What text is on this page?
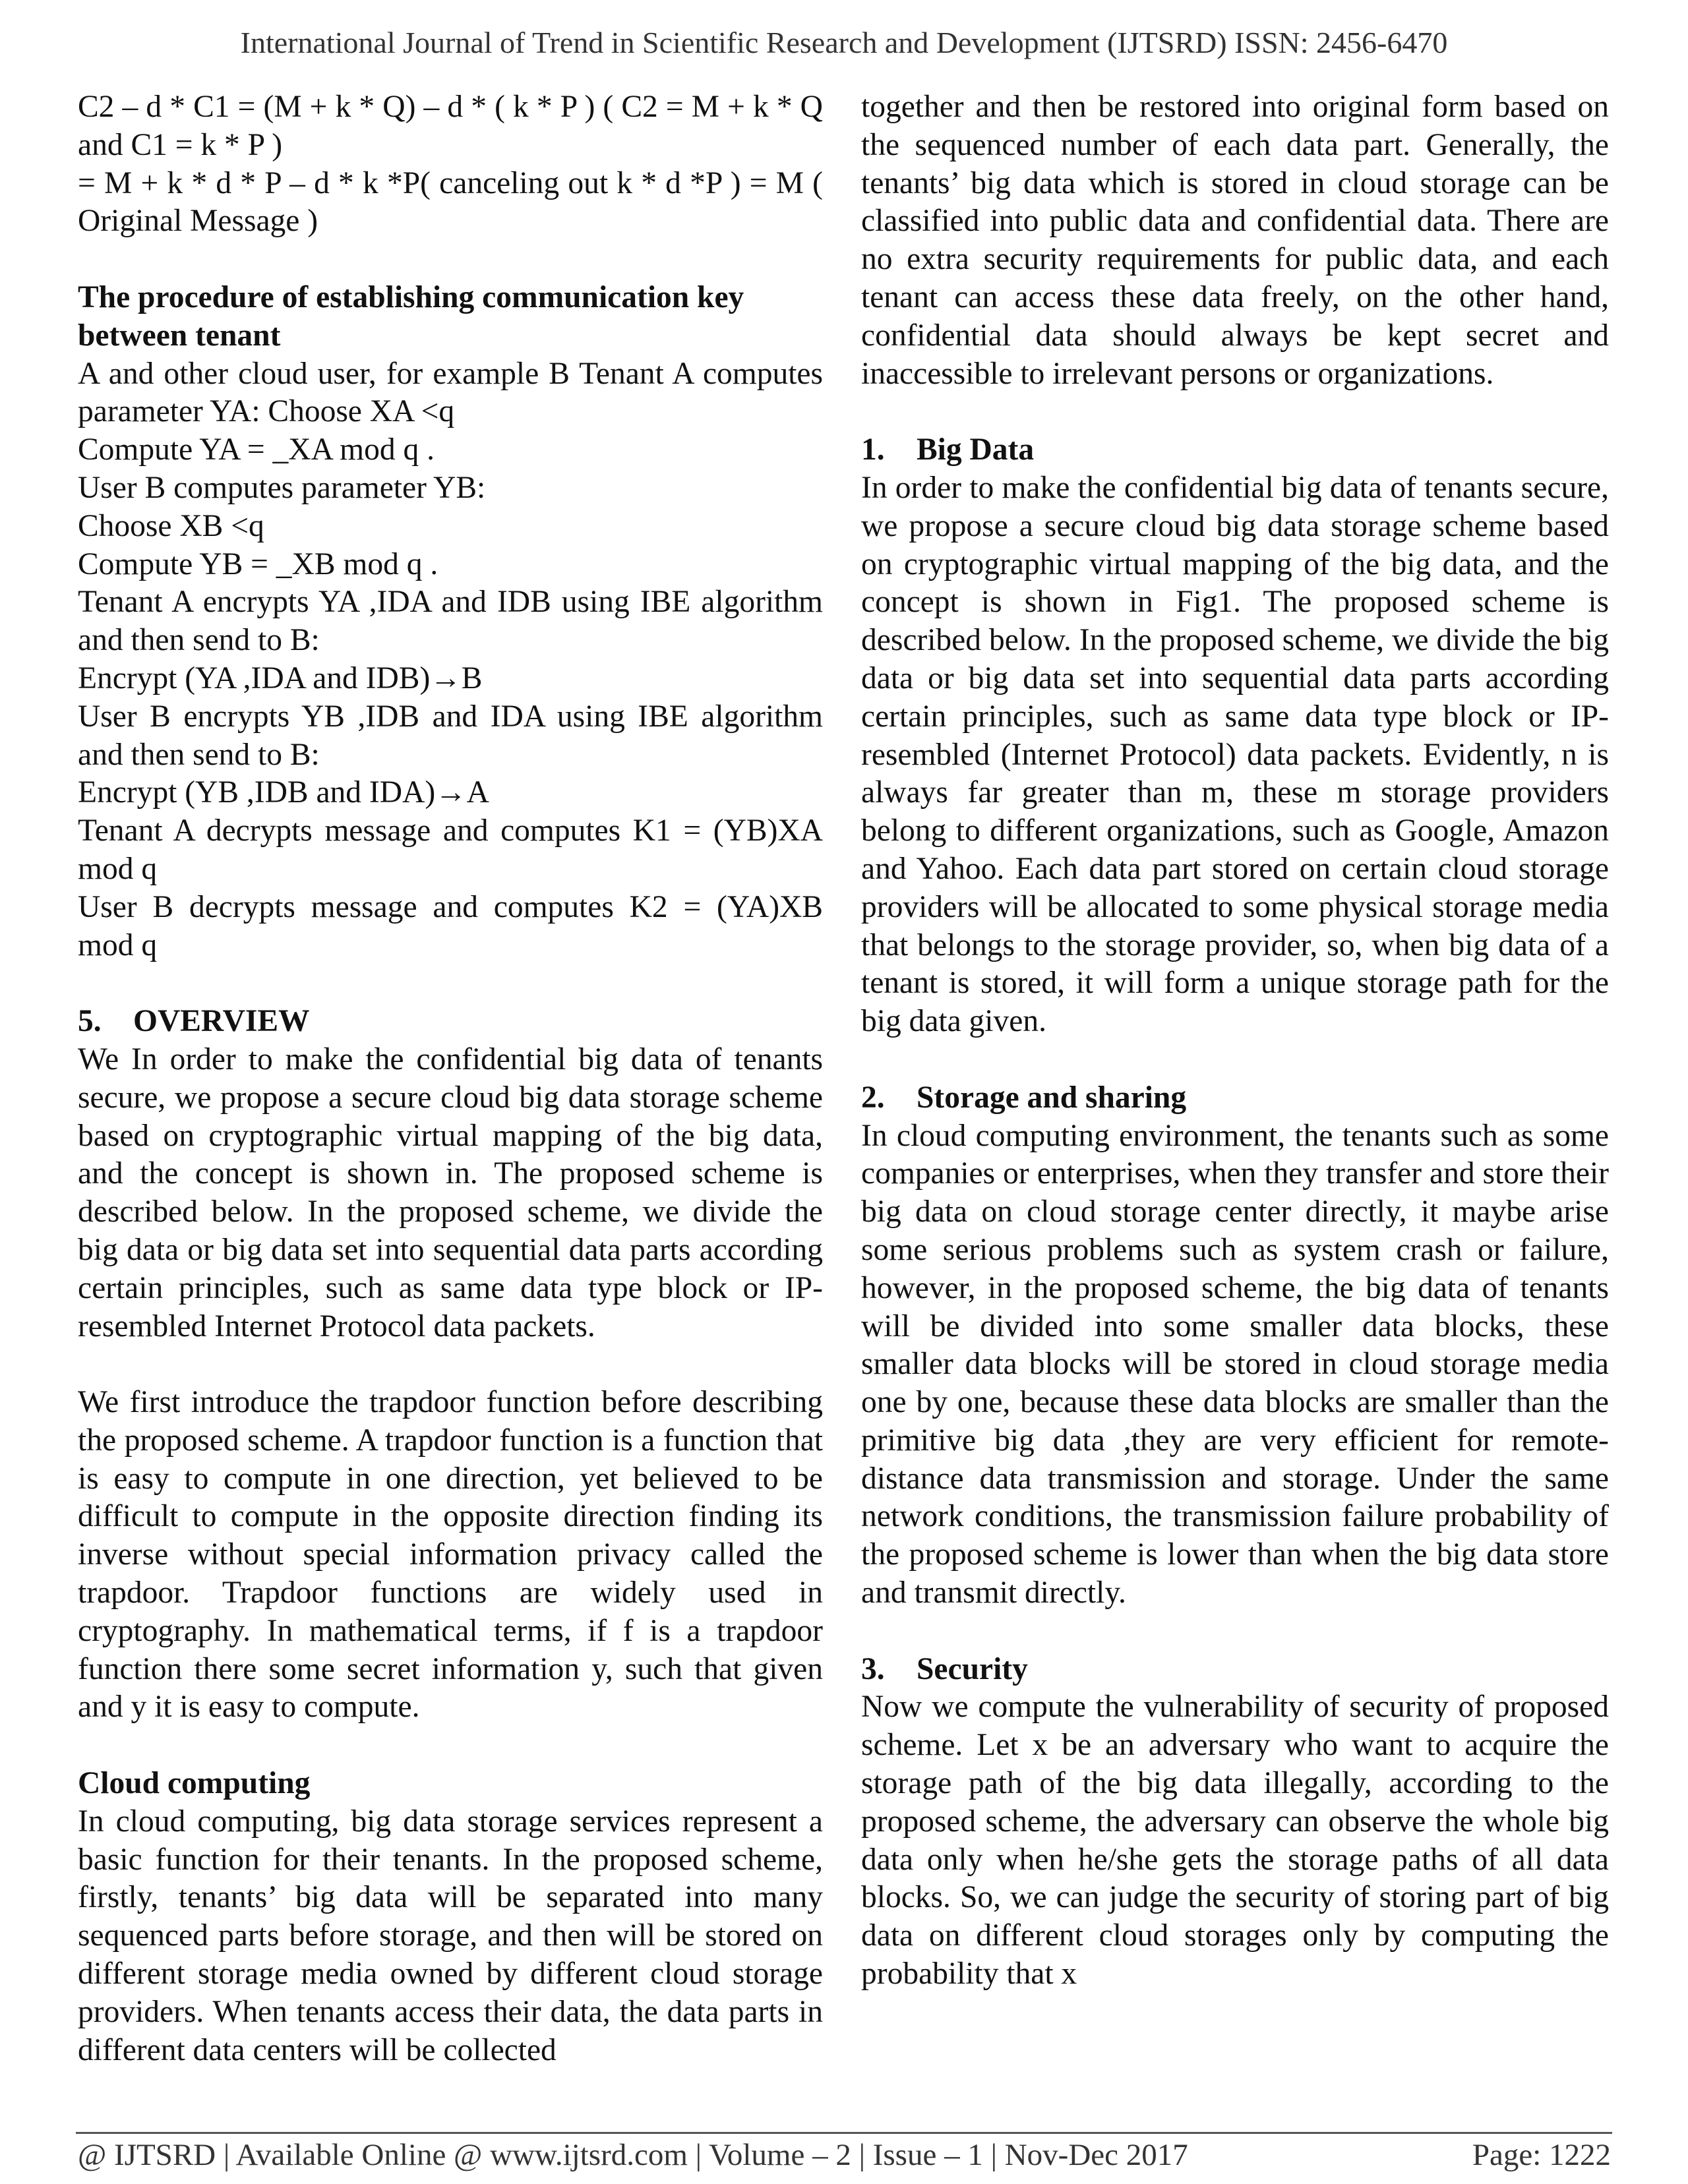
International Journal of Trend in Scientific Research and Development (IJTSRD) ISSN: 2456-6470

C2 – d * C1 = (M + k * Q) – d * ( k * P ) ( C2 = M + k * Q and C1 = k * P )

= M + k * d * P – d * k *P( canceling out k * d *P ) = M ( Original Message )

The procedure of establishing communication key between tenant

A and other cloud user, for example B Tenant A computes parameter YA: Choose XA <q

Compute YA = _XA mod q .

User B computes parameter YB:

Choose XB <q

Compute YB = _XB mod q .

Tenant A encrypts YA ,IDA and IDB using IBE algorithm and then send to B:

Encrypt (YA ,IDA and IDB)→B

User B encrypts YB ,IDB and IDA using IBE algorithm and then send to B:

Encrypt (YB ,IDB and IDA)→A

Tenant A decrypts message and computes K1 = (YB)XA mod q

User B decrypts message and computes K2 = (YA)XB mod q

5. OVERVIEW

We In order to make the confidential big data of tenants secure, we propose a secure cloud big data storage scheme based on cryptographic virtual mapping of the big data, and the concept is shown in. The proposed scheme is described below. In the proposed scheme, we divide the big data or big data set into sequential data parts according certain principles, such as same data type block or IP-resembled Internet Protocol data packets.

We first introduce the trapdoor function before describing the proposed scheme. A trapdoor function is a function that is easy to compute in one direction, yet believed to be difficult to compute in the opposite direction finding its inverse without special information privacy called the trapdoor. Trapdoor functions are widely used in cryptography. In mathematical terms, if f is a trapdoor function there some secret information y, such that given and y it is easy to compute.

Cloud computing

In cloud computing, big data storage services represent a basic function for their tenants. In the proposed scheme, firstly, tenants’ big data will be separated into many sequenced parts before storage, and then will be stored on different storage media owned by different cloud storage providers. When tenants access their data, the data parts in different data centers will be collected

together and then be restored into original form based on the sequenced number of each data part. Generally, the tenants’ big data which is stored in cloud storage can be classified into public data and confidential data. There are no extra security requirements for public data, and each tenant can access these data freely, on the other hand, confidential data should always be kept secret and inaccessible to irrelevant persons or organizations.

1. Big Data

In order to make the confidential big data of tenants secure, we propose a secure cloud big data storage scheme based on cryptographic virtual mapping of the big data, and the concept is shown in Fig1. The proposed scheme is described below. In the proposed scheme, we divide the big data or big data set into sequential data parts according certain principles, such as same data type block or IP-resembled (Internet Protocol) data packets. Evidently, n is always far greater than m, these m storage providers belong to different organizations, such as Google, Amazon and Yahoo. Each data part stored on certain cloud storage providers will be allocated to some physical storage media that belongs to the storage provider, so, when big data of a tenant is stored, it will form a unique storage path for the big data given.

2. Storage and sharing

In cloud computing environment, the tenants such as some companies or enterprises, when they transfer and store their big data on cloud storage center directly, it maybe arise some serious problems such as system crash or failure, however, in the proposed scheme, the big data of tenants will be divided into some smaller data blocks, these smaller data blocks will be stored in cloud storage media one by one, because these data blocks are smaller than the primitive big data ,they are very efficient for remote-distance data transmission and storage. Under the same network conditions, the transmission failure probability of the proposed scheme is lower than when the big data store and transmit directly.

3. Security

Now we compute the vulnerability of security of proposed scheme. Let x be an adversary who want to acquire the storage path of the big data illegally, according to the proposed scheme, the adversary can observe the whole big data only when he/she gets the storage paths of all data blocks. So, we can judge the security of storing part of big data on different cloud storages only by computing the probability that x

@ IJTSRD | Available Online @ www.ijtsrd.com | Volume – 2 | Issue – 1 | Nov-Dec 2017	Page: 1222
